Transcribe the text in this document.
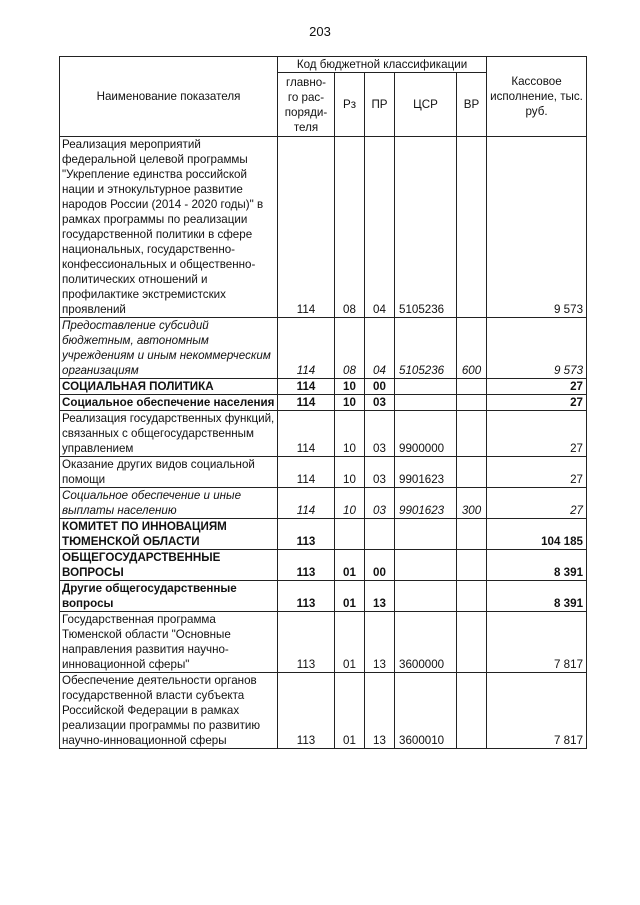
203
Наименование показателя	Код бюджетной классификации					Кассовое исполнение, тыс. руб.
	главно-
го рас-
поряди-
теля	Рз	ПР	ЦСР	ВР	
Реализация мероприятий федеральной целевой программы "Укрепление единства российской нации и этнокультурное развитие народов России (2014 - 2020 годы)" в рамках программы по реализации государственной политики в сфере национальных, государственно-конфессиональных и общественно-политических отношений и профилактике экстремистских проявлений	114	08	04	5105236		9 573
Предоставление субсидий бюджетным, автономным учреждениям и иным некоммерческим организациям	114	08	04	5105236	600	9 573
СОЦИАЛЬНАЯ ПОЛИТИКА	114	10	00			27
Социальное обеспечение населения	114	10	03			27
Реализация государственных функций, связанных с общегосударственным управлением	114	10	03	9900000		27
Оказание других видов социальной помощи	114	10	03	9901623		27
Социальное обеспечение и иные выплаты населению	114	10	03	9901623	300	27
КОМИТЕТ ПО ИННОВАЦИЯМ ТЮМЕНСКОЙ ОБЛАСТИ	113					104 185
ОБЩЕГОСУДАРСТВЕННЫЕ ВОПРОСЫ	113	01	00			8 391
Другие общегосударственные вопросы	113	01	13			8 391
Государственная программа Тюменской области "Основные направления развития научно-инновационной сферы"	113	01	13	3600000		7 817
Обеспечение деятельности органов государственной власти субъекта Российской Федерации в рамках реализации программы по развитию научно-инновационной сферы	113	01	13	3600010		7 817
